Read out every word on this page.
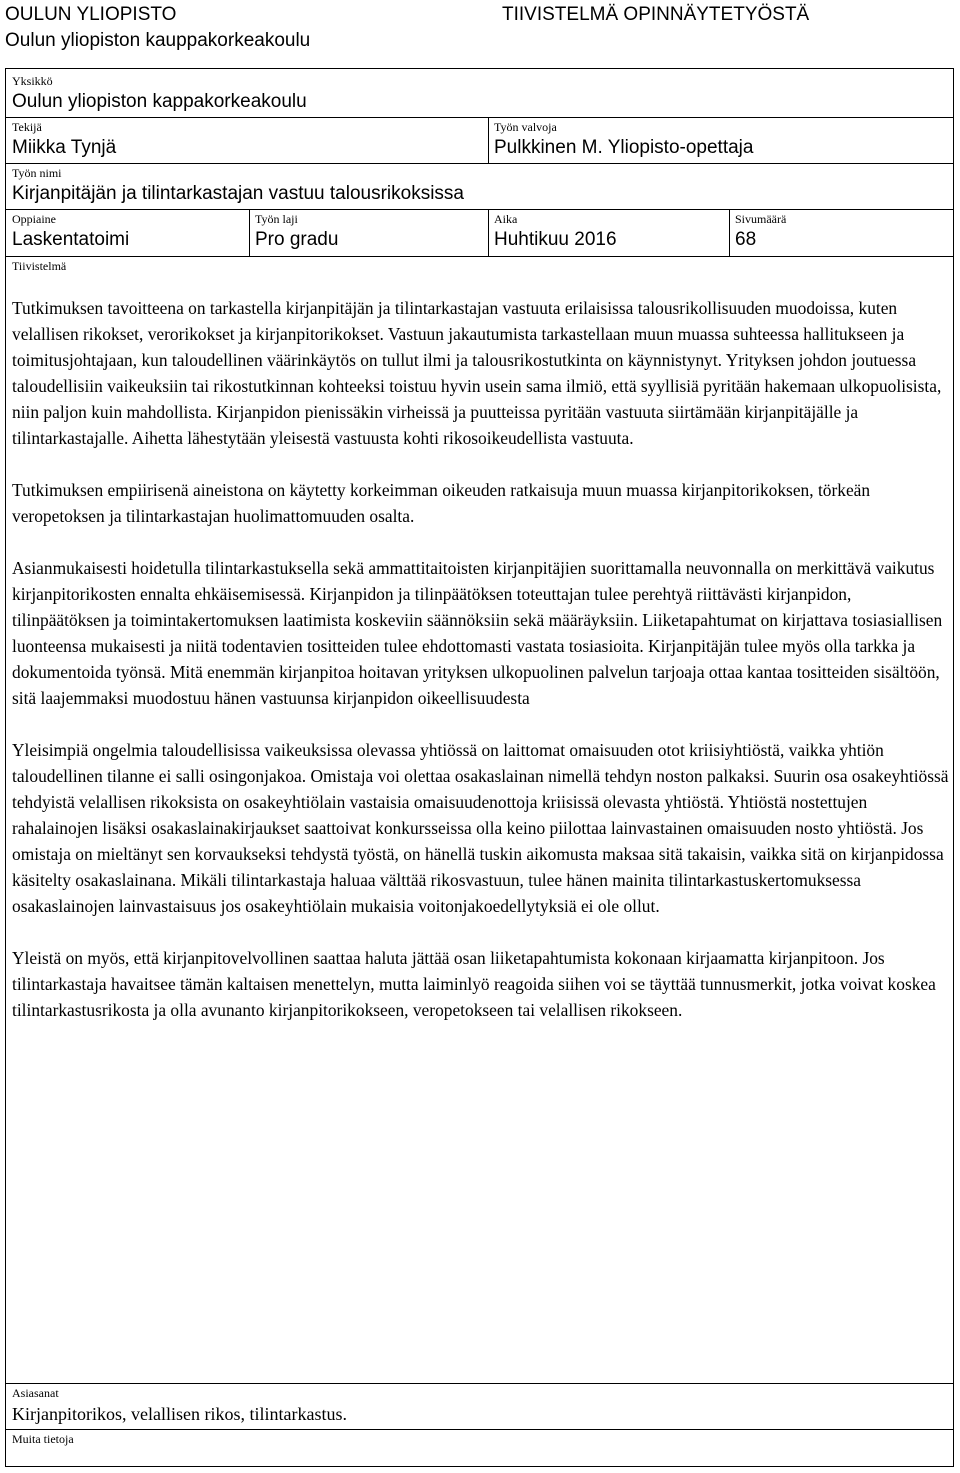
OULUN YLIOPISTO
Oulun yliopiston kauppakorkeakoulu
TIIVISTELMÄ OPINNÄYTETYÖSTÄ
Yksikkö
Oulun yliopiston kappakorkeakoulu
Tekijä
Miikka Tynjä
Työn valvoja
Pulkkinen M. Yliopisto-opettaja
Työn nimi
Kirjanpitäjän ja tilintarkastajan vastuu talousrikoksissa
Oppiaine
Laskentatoimi
Työn laji
Pro gradu
Aika
Huhtikuu 2016
Sivumäärä
68
Tiivistelmä

Tutkimuksen tavoitteena on tarkastella kirjanpitäjän ja tilintarkastajan vastuuta erilaisissa talousrikollisuuden muodoissa, kuten velallisen rikokset, verorikokset ja kirjanpitorikokset. Vastuun jakautumista tarkastellaan muun muassa suhteessa hallitukseen ja toimitusjohtajaan, kun taloudellinen väärinkäytös on tullut ilmi ja talousrikostutkinta on käynnistynyt. Yrityksen johdon joutuessa taloudellisiin vaikeuksiin tai rikostutkinnan kohteeksi toistuu hyvin usein sama ilmiö, että syyllisiä pyritään hakemaan ulkopuolisista, niin paljon kuin mahdollista. Kirjanpidon pienissäkin virheissä ja puutteissa pyritään vastuuta siirtämään kirjanpitäjälle ja tilintarkastajalle. Aihetta lähestytään yleisestä vastuusta kohti rikosoikeudellista vastuuta.

Tutkimuksen empiirisenä aineistona on käytetty korkeimman oikeuden ratkaisuja muun muassa kirjanpitorikoksen, törkeän veropetoksen ja tilintarkastajan huolimattomuuden osalta.

Asianmukaisesti hoidetulla tilintarkastuksella sekä ammattitaitoisten kirjanpitäjien suorittamalla neuvonnalla on merkittävä vaikutus kirjanpitorikosten ennalta ehkäisemisessä. Kirjanpidon ja tilinpäätöksen toteuttajan tulee perehtyä riittävästi kirjanpidon, tilinpäätöksen ja toimintakertomuksen laatimista koskeviin säännöksiin sekä määräyksiin. Liiketapahtumat on kirjattava tosiasiallisen luonteensa mukaisesti ja niitä todentavien tositteiden tulee ehdottomasti vastata tosiasioita. Kirjanpitäjän tulee myös olla tarkka ja dokumentoida työnsä. Mitä enemmän kirjanpitoa hoitavan yrityksen ulkopuolinen palvelun tarjoaja ottaa kantaa tositteiden sisältöön, sitä laajemmaksi muodostuu hänen vastuunsa kirjanpidon oikeellisuudesta

Yleisimpiä ongelmia taloudellisissa vaikeuksissa olevassa yhtiössä on laittomat omaisuuden otot kriisiyhtiöstä, vaikka yhtiön taloudellinen tilanne ei salli osingonjakoa. Omistaja voi olettaa osakaslainan nimellä tehdyn noston palkaksi. Suurin osa osakeyhtiössä tehdyistä velallisen rikoksista on osakeyhtiölain vastaisia omaisuudenottoja kriisissä olevasta yhtiöstä. Yhtiöstä nostettujen rahalainojen lisäksi osakaslainakirjaukset saattoivat konkursseissa olla keino piilottaa lainvastainen omaisuuden nosto yhtiöstä. Jos omistaja on mieltänyt sen korvaukseksi tehdystä työstä, on hänellä tuskin aikomusta maksaa sitä takaisin, vaikka sitä on kirjanpidossa käsitelty osakaslainana. Mikäli tilintarkastaja haluaa välttää rikosvastuun, tulee hänen mainita tilintarkastuskertomuksessa osakaslainojen lainvastaisuus jos osakeyhtiölain mukaisia voitonjakoedellytyksiä ei ole ollut.

Yleistä on myös, että kirjanpitovelvollinen saattaa haluta jättää osan liiketapahtumista kokonaan kirjaamatta kirjanpitoon. Jos tilintarkastaja havaitsee tämän kaltaisen menettelyn, mutta laiminlyö reagoida siihen voi se täyttää tunnusmerkit, jotka voivat koskea tilintarkastusrikosta ja olla avunanto kirjanpitorikokseen, veropetokseen tai velallisen rikokseen.

Asiasanat
Kirjanpitorikos, velallisen rikos, tilintarkastus.
Muita tietoja
